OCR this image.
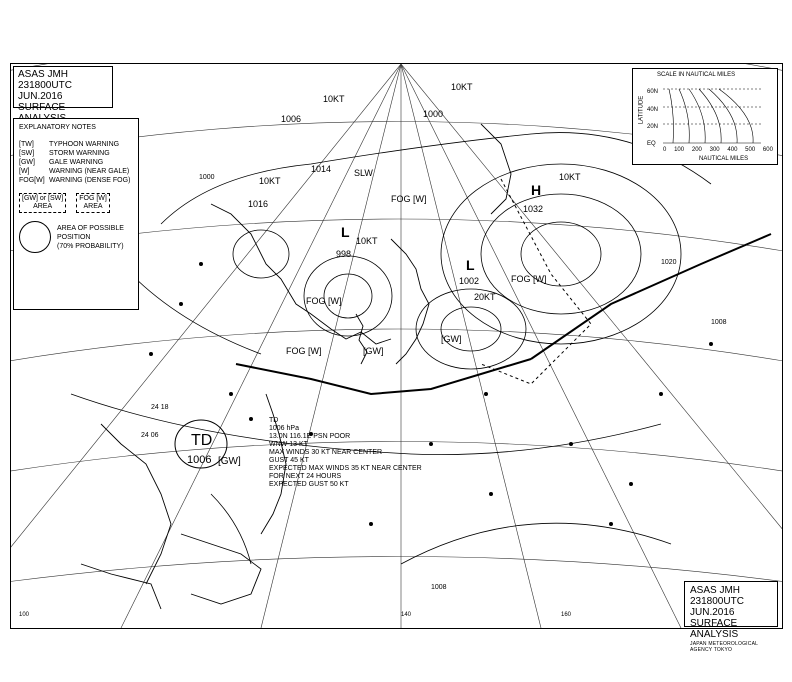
L
998
10KT
L
1002
20KT
1014	SLW
1016
10KT
1006
10KT
1000
10KT
H
1032
10KT
1020
1008
1000
1008
FOG [W]
FOG [W]
FOG [W]
[GW]
[GW]
FOG [W]
TD
1006 [GW]
24 18
24 06
140	160
100
TD
1006 hPa
13.0N 116.1E PSN POOR
WNW 13 KT
MAX WINDS 30 KT NEAR CENTER
GUST 45 KT
EXPECTED MAX WINDS 35 KT NEAR CENTER
FOR NEXT 24 HOURS
EXPECTED GUST 50 KT
ASAS JMH
231800UTC JUN.2016
SURFACE
EXPLANATORY NOTES
[TW]	TYPHOON WARNING
[SW]	STORM WARNING
[GW]	GALE WARNING
[W]	WARNING (NEAR GALE)
FOG[W] WARNING (DENSE FOG)
[GW] or [SW]
AREA
FOG [W]
AREA
AREA OF POSSIBLE
POSITION
(70% PROBABILITY)
SCALE IN NAUTICAL MILES
LATITUDE
60N
40N
20N
EQ
0 100 200 300 400 500 600
NAUTICAL MILES
ASAS JMH
231800UTC JUN.2016
SURFACE ANALYSIS
JAPAN METEOROLOGICAL AGENCY TOKYO
